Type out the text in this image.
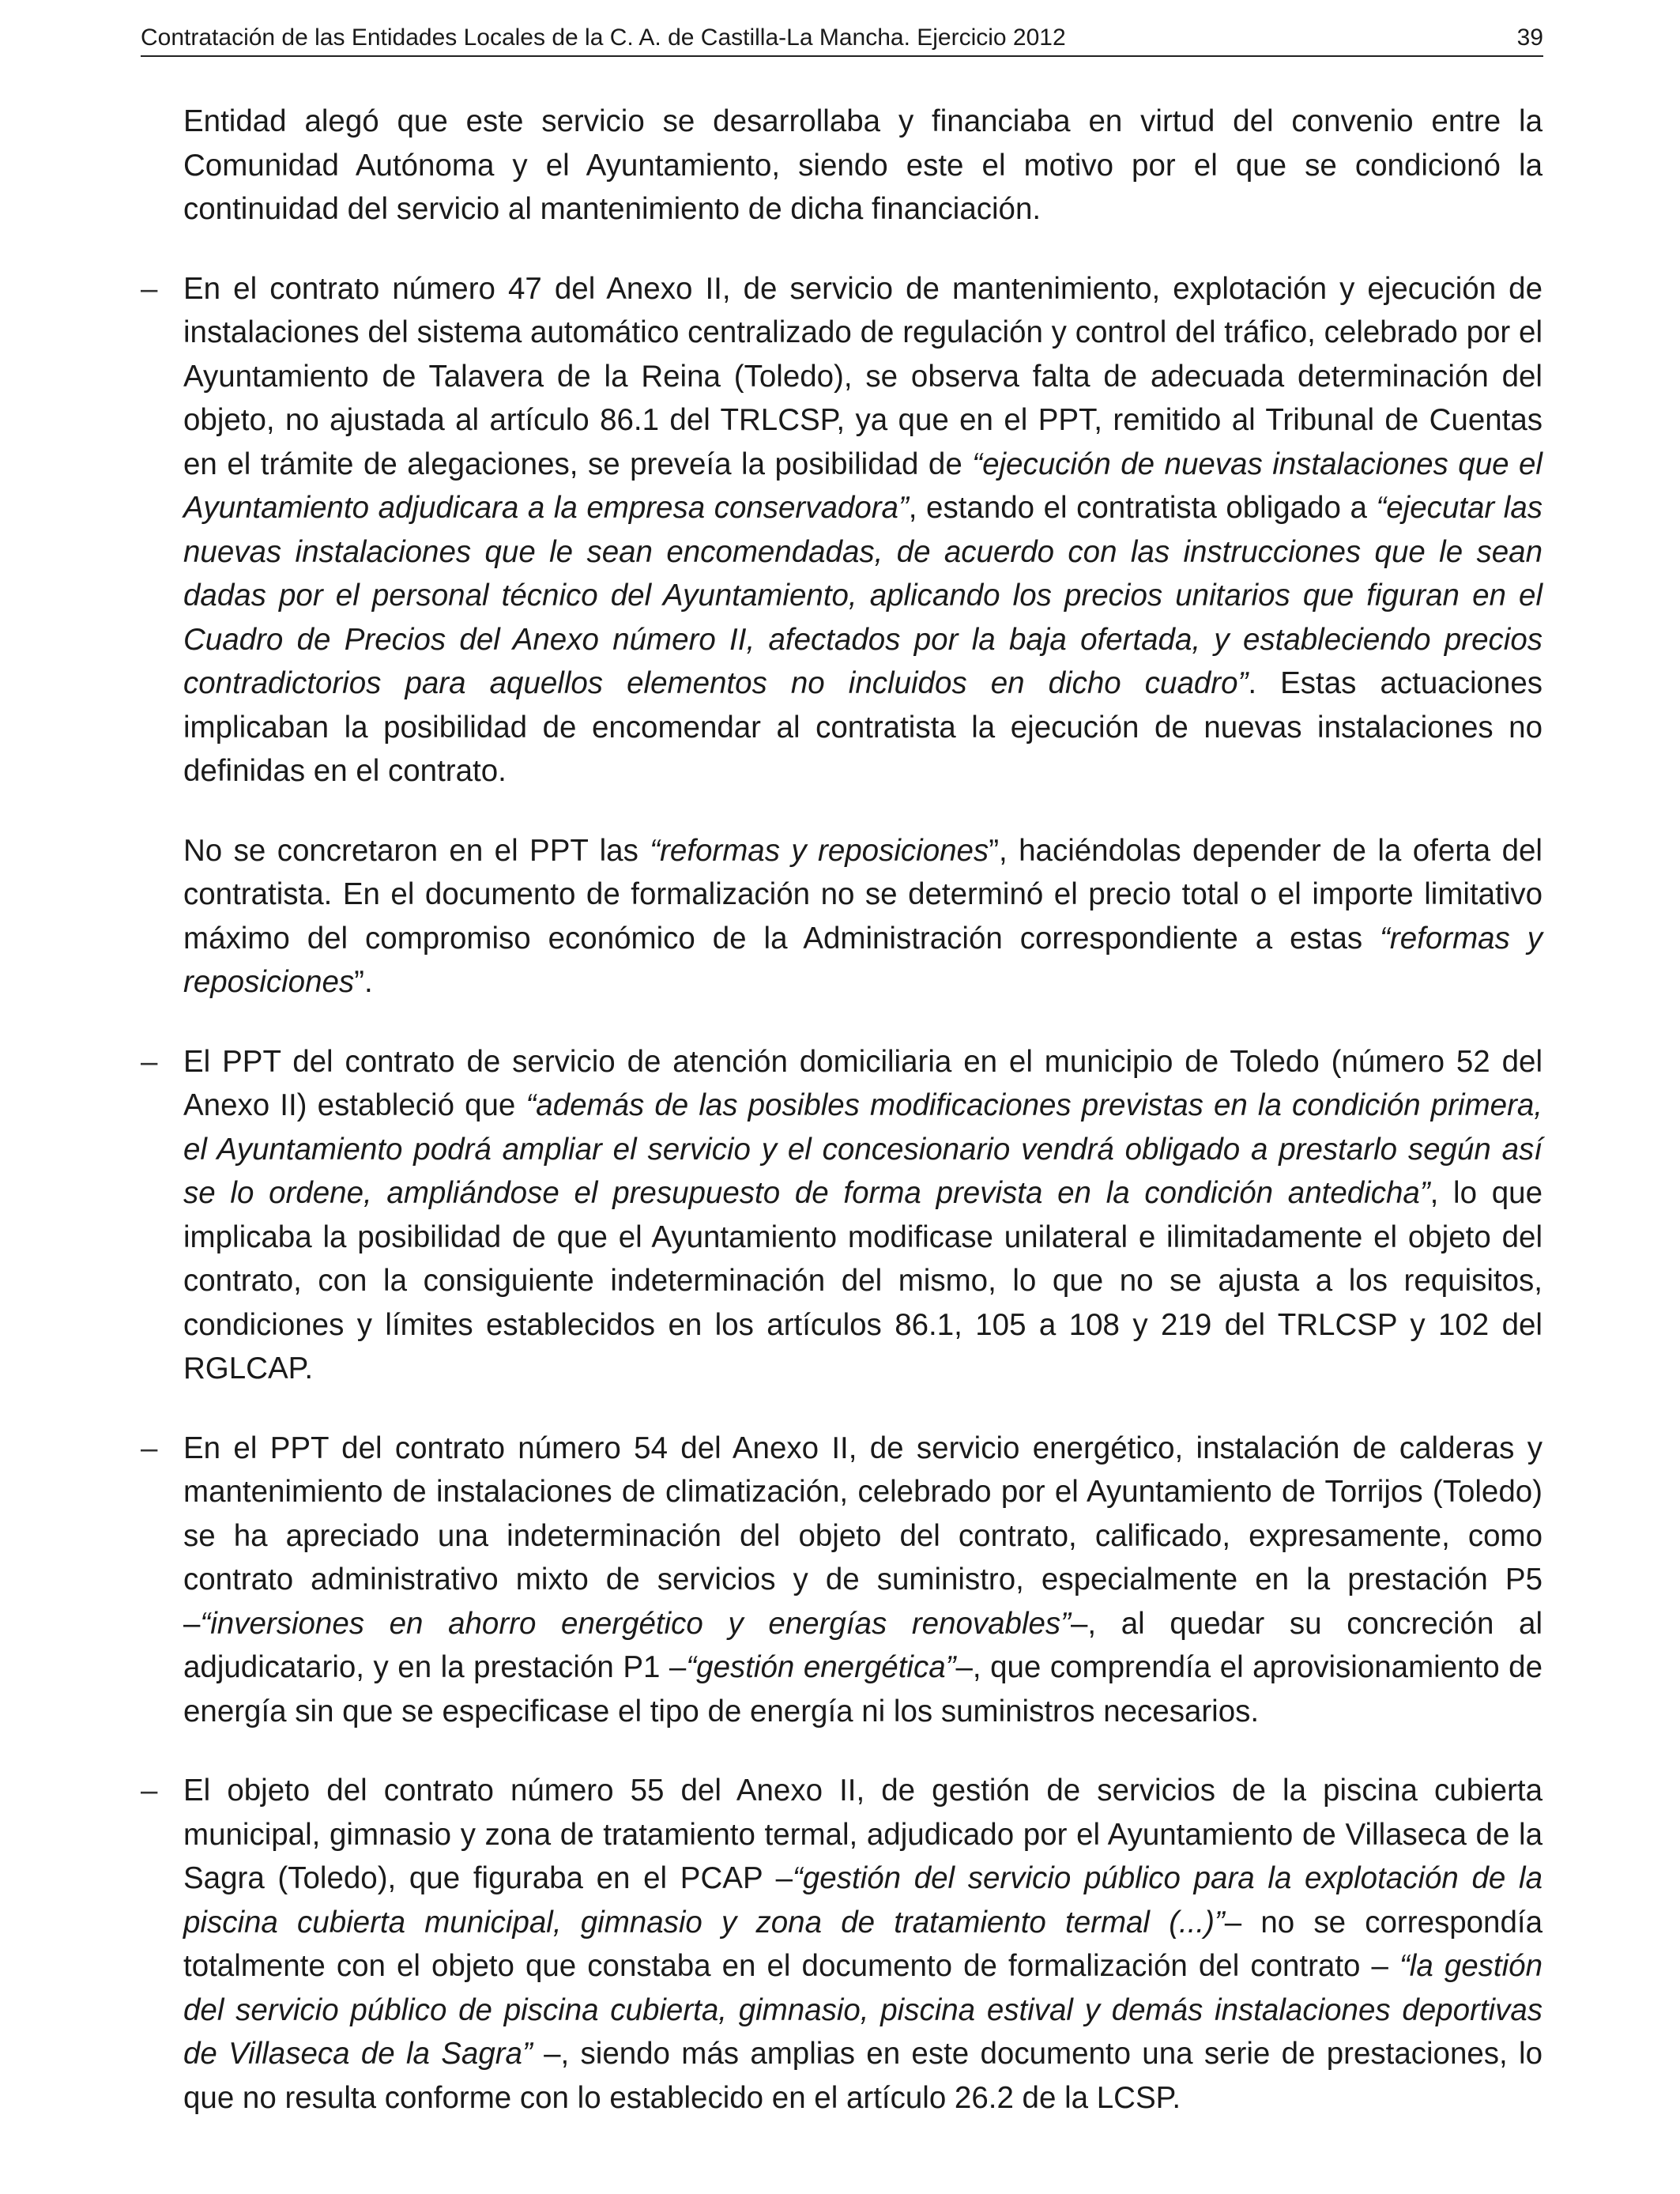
Contratación de las Entidades Locales de la C. A. de Castilla-La Mancha. Ejercicio 2012	39

Entidad alegó que este servicio se desarrollaba y financiaba en virtud del convenio entre la Comunidad Autónoma y el Ayuntamiento, siendo este el motivo por el que se condicionó la continuidad del servicio al mantenimiento de dicha financiación.

– En el contrato número 47 del Anexo II, de servicio de mantenimiento, explotación y ejecución de instalaciones del sistema automático centralizado de regulación y control del tráfico, celebrado por el Ayuntamiento de Talavera de la Reina (Toledo), se observa falta de adecuada determinación del objeto, no ajustada al artículo 86.1 del TRLCSP, ya que en el PPT, remitido al Tribunal de Cuentas en el trámite de alegaciones, se preveía la posibilidad de “ejecución de nuevas instalaciones que el Ayuntamiento adjudicara a la empresa conservadora”, estando el contratista obligado a “ejecutar las nuevas instalaciones que le sean encomendadas, de acuerdo con las instrucciones que le sean dadas por el personal técnico del Ayuntamiento, aplicando los precios unitarios que figuran en el Cuadro de Precios del Anexo número II, afectados por la baja ofertada, y estableciendo precios contradictorios para aquellos elementos no incluidos en dicho cuadro”. Estas actuaciones implicaban la posibilidad de encomendar al contratista la ejecución de nuevas instalaciones no definidas en el contrato.

No se concretaron en el PPT las “reformas y reposiciones”, haciéndolas depender de la oferta del contratista. En el documento de formalización no se determinó el precio total o el importe limitativo máximo del compromiso económico de la Administración correspondiente a estas “reformas y reposiciones”.

– El PPT del contrato de servicio de atención domiciliaria en el municipio de Toledo (número 52 del Anexo II) estableció que “además de las posibles modificaciones previstas en la condición primera, el Ayuntamiento podrá ampliar el servicio y el concesionario vendrá obligado a prestarlo según así se lo ordene, ampliándose el presupuesto de forma prevista en la condición antedicha”, lo que implicaba la posibilidad de que el Ayuntamiento modificase unilateral e ilimitadamente el objeto del contrato, con la consiguiente indeterminación del mismo, lo que no se ajusta a los requisitos, condiciones y límites establecidos en los artículos 86.1, 105 a 108 y 219 del TRLCSP y 102 del RGLCAP.

– En el PPT del contrato número 54 del Anexo II, de servicio energético, instalación de calderas y mantenimiento de instalaciones de climatización, celebrado por el Ayuntamiento de Torrijos (Toledo) se ha apreciado una indeterminación del objeto del contrato, calificado, expresamente, como contrato administrativo mixto de servicios y de suministro, especialmente en la prestación P5 –“inversiones en ahorro energético y energías renovables”–, al quedar su concreción al adjudicatario, y en la prestación P1 –“gestión energética”–, que comprendía el aprovisionamiento de energía sin que se especificase el tipo de energía ni los suministros necesarios.

– El objeto del contrato número 55 del Anexo II, de gestión de servicios de la piscina cubierta municipal, gimnasio y zona de tratamiento termal, adjudicado por el Ayuntamiento de Villaseca de la Sagra (Toledo), que figuraba en el PCAP –“gestión del servicio público para la explotación de la piscina cubierta municipal, gimnasio y zona de tratamiento termal (...)”– no se correspondía totalmente con el objeto que constaba en el documento de formalización del contrato – “la gestión del servicio público de piscina cubierta, gimnasio, piscina estival y demás instalaciones deportivas de Villaseca de la Sagra” –, siendo más amplias en este documento una serie de prestaciones, lo que no resulta conforme con lo establecido en el artículo 26.2 de la LCSP.
